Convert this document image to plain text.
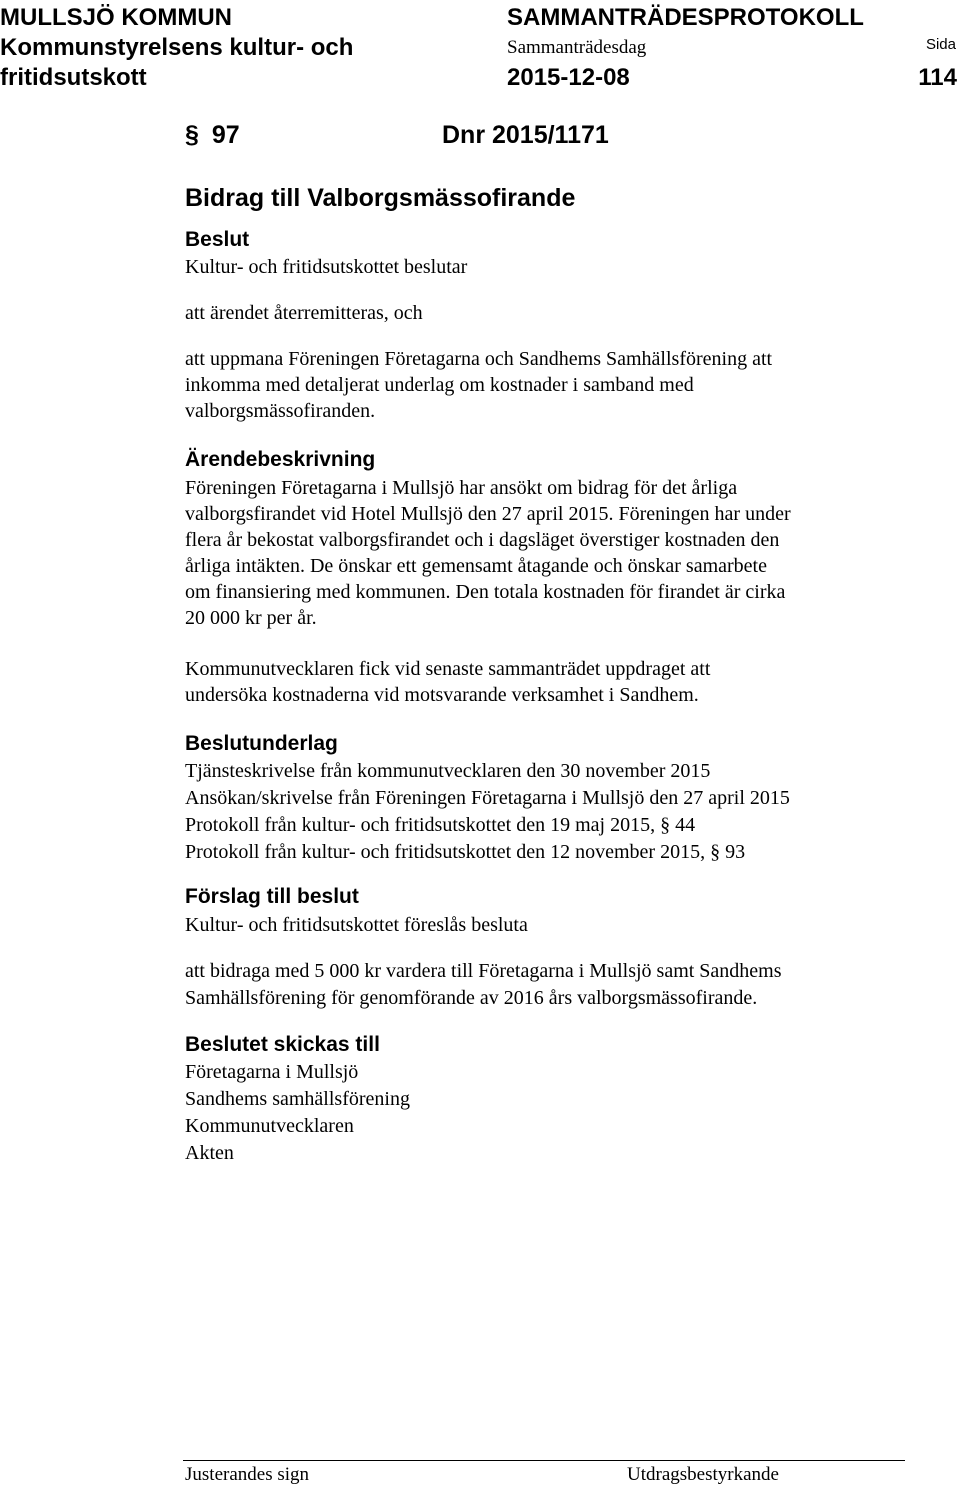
MULLSJÖ KOMMUN
Kommunstyrelsens kultur- och
fritidsutskott
SAMMANTRÄDESPROTOKOLL
Sammanträdesdag
2015-12-08
Sida
114
§ 97	Dnr 2015/1171
Bidrag till Valborgsmässofirande
Beslut
Kultur- och fritidsutskottet beslutar
att ärendet återremitteras, och
att uppmana Föreningen Företagarna och Sandhems Samhällsförening att
inkomma med detaljerat underlag om kostnader i samband med
valborgsmässofiranden.
Ärendebeskrivning
Föreningen Företagarna i Mullsjö har ansökt om bidrag för det årliga
valborgsfirandet vid Hotel Mullsjö den 27 april 2015. Föreningen har under
flera år bekostat valborgsfirandet och i dagsläget överstiger kostnaden den
årliga intäkten. De önskar ett gemensamt åtagande och önskar samarbete
om finansiering med kommunen. Den totala kostnaden för firandet är cirka
20 000 kr per år.
Kommunutvecklaren fick vid senaste sammanträdet uppdraget att
undersöka kostnaderna vid motsvarande verksamhet i Sandhem.
Beslutunderlag
Tjänsteskrivelse från kommunutvecklaren den 30 november 2015
Ansökan/skrivelse från Föreningen Företagarna i Mullsjö den 27 april 2015
Protokoll från kultur- och fritidsutskottet den 19 maj 2015, § 44
Protokoll från kultur- och fritidsutskottet den 12 november 2015, § 93
Förslag till beslut
Kultur- och fritidsutskottet föreslås besluta
att bidraga med 5 000 kr vardera till Företagarna i Mullsjö samt Sandhems
Samhällsförening för genomförande av 2016 års valborgsmässofirande.
Beslutet skickas till
Företagarna i Mullsjö
Sandhems samhällsförening
Kommunutvecklaren
Akten
Justerandes sign	Utdragsbestyrkande
